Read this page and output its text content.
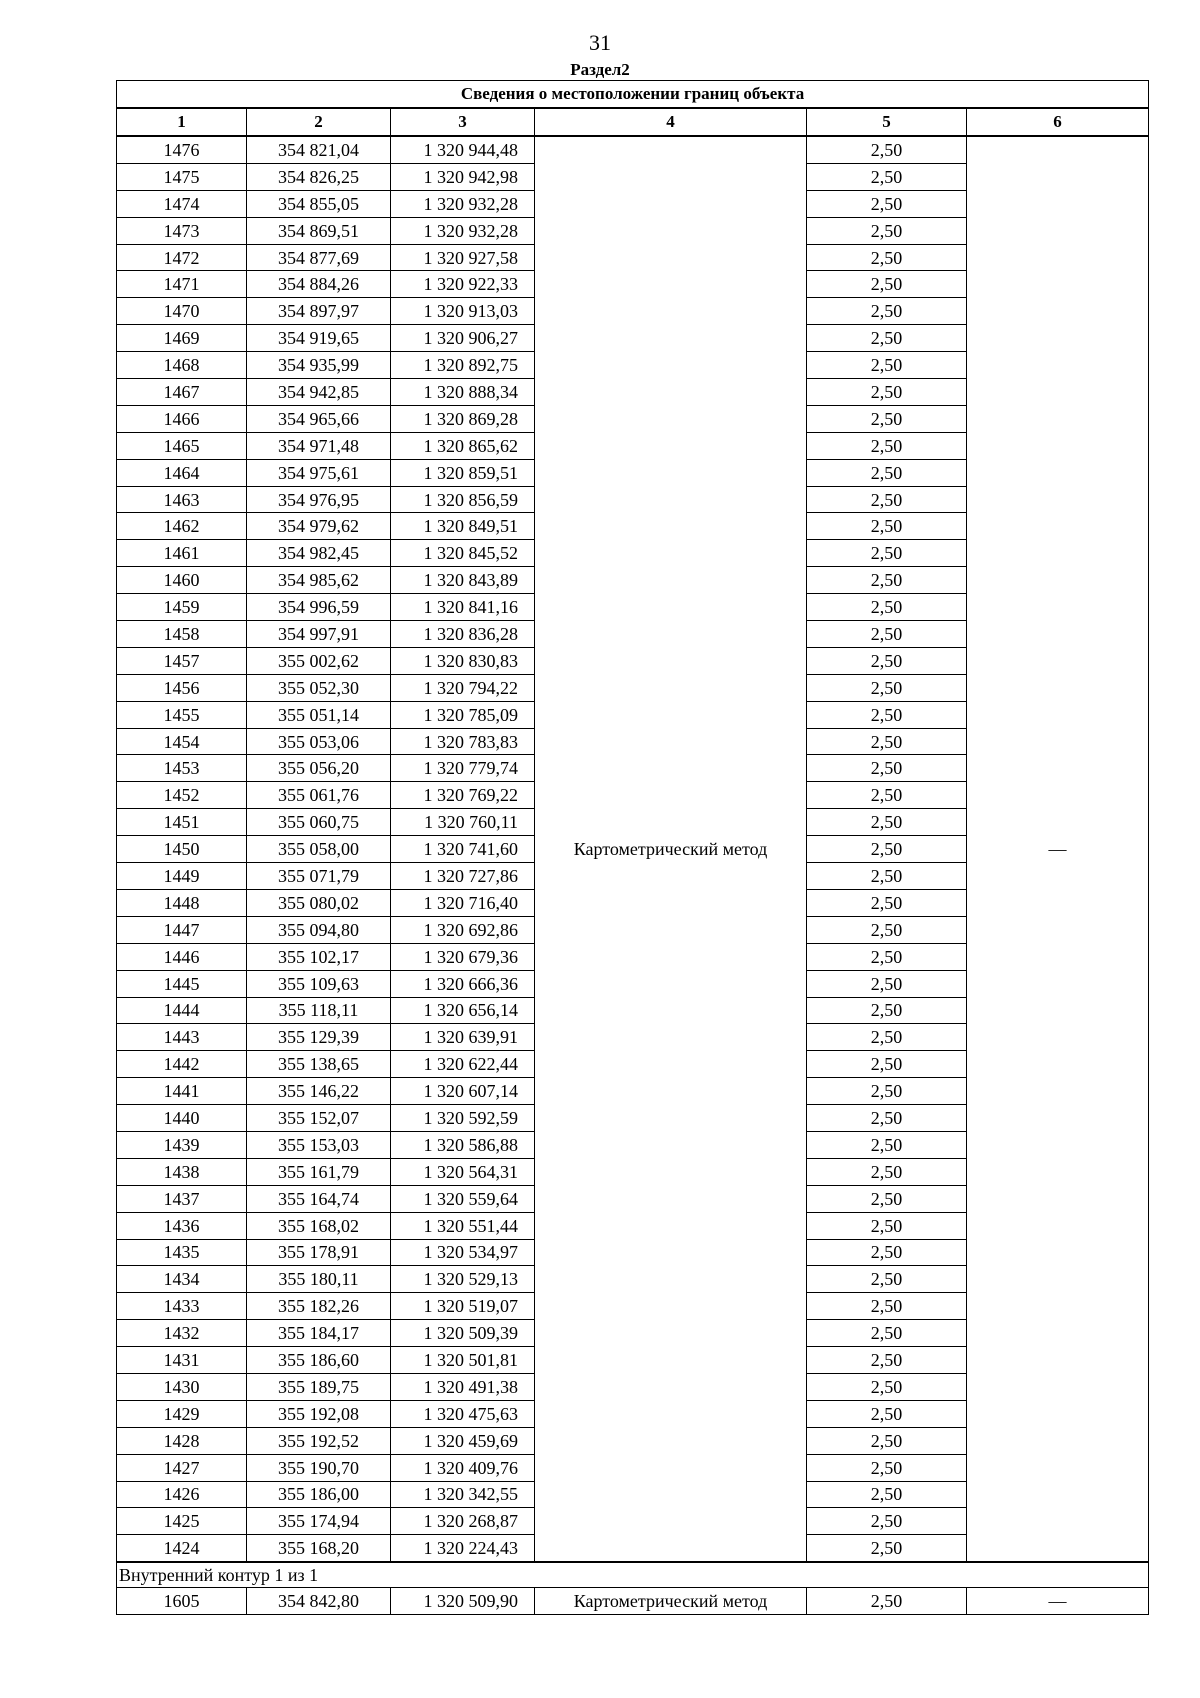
31
Раздел2
Сведения о местоположении границ объекта					
1	2	3	4	5	6
1476	354 821,04	1 320 944,48	Картометрический метод	2,50	—
1475	354 826,25	1 320 942,98		2,50	
1474	354 855,05	1 320 932,28		2,50	
1473	354 869,51	1 320 932,28		2,50	
1472	354 877,69	1 320 927,58		2,50	
1471	354 884,26	1 320 922,33		2,50	
1470	354 897,97	1 320 913,03		2,50	
1469	354 919,65	1 320 906,27		2,50	
1468	354 935,99	1 320 892,75		2,50	
1467	354 942,85	1 320 888,34		2,50	
1466	354 965,66	1 320 869,28		2,50	
1465	354 971,48	1 320 865,62		2,50	
1464	354 975,61	1 320 859,51		2,50	
1463	354 976,95	1 320 856,59		2,50	
1462	354 979,62	1 320 849,51		2,50	
1461	354 982,45	1 320 845,52		2,50	
1460	354 985,62	1 320 843,89		2,50	
1459	354 996,59	1 320 841,16		2,50	
1458	354 997,91	1 320 836,28		2,50	
1457	355 002,62	1 320 830,83		2,50	
1456	355 052,30	1 320 794,22		2,50	
1455	355 051,14	1 320 785,09		2,50	
1454	355 053,06	1 320 783,83		2,50	
1453	355 056,20	1 320 779,74		2,50	
1452	355 061,76	1 320 769,22		2,50	
1451	355 060,75	1 320 760,11		2,50	
1450	355 058,00	1 320 741,60		2,50	
1449	355 071,79	1 320 727,86		2,50	
1448	355 080,02	1 320 716,40		2,50	
1447	355 094,80	1 320 692,86		2,50	
1446	355 102,17	1 320 679,36		2,50	
1445	355 109,63	1 320 666,36		2,50	
1444	355 118,11	1 320 656,14		2,50	
1443	355 129,39	1 320 639,91		2,50	
1442	355 138,65	1 320 622,44		2,50	
1441	355 146,22	1 320 607,14		2,50	
1440	355 152,07	1 320 592,59		2,50	
1439	355 153,03	1 320 586,88		2,50	
1438	355 161,79	1 320 564,31		2,50	
1437	355 164,74	1 320 559,64		2,50	
1436	355 168,02	1 320 551,44		2,50	
1435	355 178,91	1 320 534,97		2,50	
1434	355 180,11	1 320 529,13		2,50	
1433	355 182,26	1 320 519,07		2,50	
1432	355 184,17	1 320 509,39		2,50	
1431	355 186,60	1 320 501,81		2,50	
1430	355 189,75	1 320 491,38		2,50	
1429	355 192,08	1 320 475,63		2,50	
1428	355 192,52	1 320 459,69		2,50	
1427	355 190,70	1 320 409,76		2,50	
1426	355 186,00	1 320 342,55		2,50	
1425	355 174,94	1 320 268,87		2,50	
1424	355 168,20	1 320 224,43		2,50	
Внутренний контур 1 из 1					
1605	354 842,80	1 320 509,90	Картометрический метод	2,50	—
